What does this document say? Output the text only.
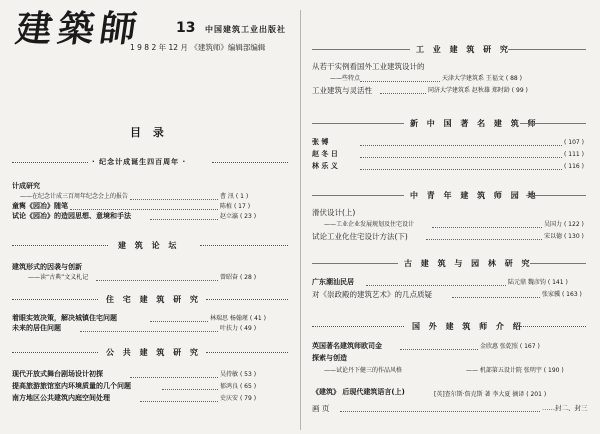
建築師 13 中国建筑工业出版社
1 9 8 2 年 12 月 《建筑师》编辑部编辑
目 录
· 纪念计成诞生四百周年 ·
计成研究
——在纪念计成三百周年纪念会上的报告	曹 汛 ( 1 )
童寯《园冶》随笔	陈植 ( 17 )
试论《园冶》的造园思想、意境和手法	赵立瀛 ( 23 )
建 筑 论 坛
建筑形式的因袭与创新
——读“古典”文义札记	曾昭奋 ( 28 )
住 宅 建 筑 研 究
着眼实效决策，解决城镇住宅问题	林瑞思 杨翰瑾 ( 41 )
未来的居住问题	叶扶力 ( 49 )
公 共 建 筑 研 究
现代开放式舞台剧场设计初探	吴持敏 ( 53 )
提高旅游旅馆室内环境质量的几个问题	郁鸿良 ( 65 )
南方地区公共建筑内庭空间处理	史庆安 ( 79 )
工 业 建 筑 研 究
从若干实例看国外工业建筑设计的
——些特点	天津大学建筑系 王福文 ( 88 )
工业建筑与灵活性	同济大学建筑系 赵秋雄 郑时龄 ( 99 )
新 中 国 著 名 建 筑 师
张 镈	( 107 )
赵 冬 日	( 111 )
林 乐 义	( 116 )
中 青 年 建 筑 师 园 地
滑伏设计(上)
——工业企业发展规划及住宅设计	吴国力 ( 122 )
试论工业化住宅设计方法(下)	宋以德 ( 130 )
古 建 筑 与 园 林 研 究
广东潮汕民居	陆元鼎 魏彦钧 ( 141 )
对《崇政殿的建筑艺术》的几点质疑	张家骥 ( 163 )
国 外 建 筑 师 介 绍
英国著名建筑师欧司金	金欣惠 张乾照 ( 167 )
探索与创造
——试论丹下健三的作品风格	—— 机部第五设计院 张明宇 ( 190 )
《建筑》 后现代建筑语言(上)	[英]查尔斯·詹克斯 著 李大夏 摘译 ( 201 )
画 页	……封二、封三
